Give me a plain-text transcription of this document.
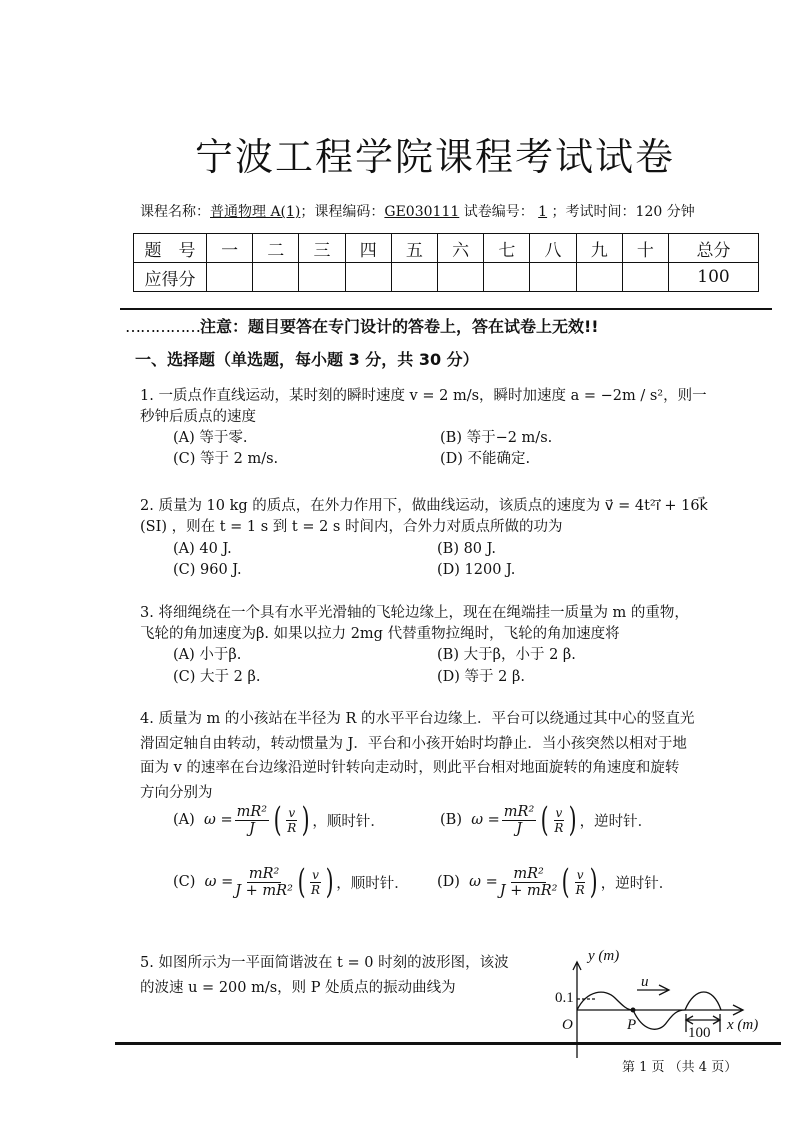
宁波工程学院课程考试试卷
课程名称：普通物理 A(1)；课程编码：GE030111 试卷编号： 1 ；考试时间：120 分钟
题　号	一	二	三	四	五	六	七	八	九	十	总分
应得分											100
……………注意：题目要答在专门设计的答卷上，答在试卷上无效!!
一、选择题（单选题，每小题 3 分，共 30 分）
1. 一质点作直线运动，某时刻的瞬时速度 v = 2 m/s，瞬时加速度 a = −2m / s²，则一
秒钟后质点的速度
(A) 等于零.	(B) 等于−2 m/s.
(C) 等于 2 m/s.	(D) 不能确定.
2. 质量为 10 kg 的质点，在外力作用下，做曲线运动，该质点的速度为 v⃗ = 4t²i⃗ + 16k⃗
(SI) ，则在 t = 1 s 到 t = 2 s 时间内，合外力对质点所做的功为
(A) 40 J.	(B) 80 J.
(C) 960 J.	(D) 1200 J.
3. 将细绳绕在一个具有水平光滑轴的飞轮边缘上，现在在绳端挂一质量为 m 的重物，
飞轮的角加速度为β. 如果以拉力 2mg 代替重物拉绳时，飞轮的角加速度将
(A) 小于β.	(B) 大于β，小于 2 β.
(C) 大于 2 β.	(D) 等于 2 β.
4. 质量为 m 的小孩站在半径为 R 的水平平台边缘上．平台可以绕通过其中心的竖直光
滑固定轴自由转动，转动惯量为 J．平台和小孩开始时均静止．当小孩突然以相对于地
面为 v 的速率在台边缘沿逆时针转向走动时，则此平台相对地面旋转的角速度和旋转
方向分别为
(A)
$\omega = \frac{\text{mR²}}{J}$ ( $\frac{v}{R}$ ) ，顺时针．	(B)
$\omega = \frac{\text{mR²}}{J}$ ( $\frac{v}{R}$ ) ，逆时针．
(C)
$\omega = \frac{\text{mR²}}{\text{J + mR²}}$ ( $\frac{v}{R}$ ) ，顺时针． (D)
$\omega = \frac{\text{mR²}}{\text{J + mR²}}$ ( $\frac{v}{R}$ ) ，逆时针．
5. 如图所示为一平面简谐波在 t = 0 时刻的波形图，该波
的波速 u = 200 m/s，则 P 处质点的振动曲线为
y (m)
x (m)
0.1
O	P
u
100
第 1 页 （共 4 页）
